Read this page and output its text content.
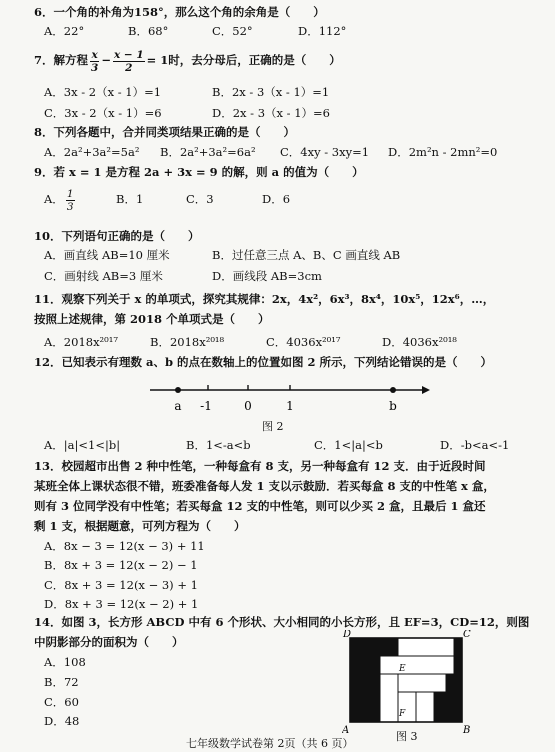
6．一个角的补角为158°，那么这个角的余角是（　　）
A．22°	B．68°	C．52°	D．112°
7．解方程 $\frac{x}{3} - \frac{x - 1}{2} = 1$时，去分母后，正确的是（　　）
A．3x - 2（x - 1）=1	B．2x - 3（x - 1）=1
C．3x - 2（x - 1）=6	D．2x - 3（x - 1）=6
8．下列各题中，合并同类项结果正确的是（　　）
A．2a²+3a²=5a² B．2a²+3a²=6a² C．4xy - 3xy=1 D．2m²n - 2mn²=0
9．若 x = 1 是方程 2a + 3x = 9 的解，则 a 的值为（　　）
A． $\frac{1}{3}$	B．1	C．3	D．6
10．下列语句正确的是（　　）
A．画直线 AB=10 厘米	B．过任意三点 A、B、C 画直线 AB
C．画射线 AB=3 厘米	D．画线段 AB=3cm
11．观察下列关于 x 的单项式，探究其规律：2x，4x²，6x³，8x⁴，10x⁵，12x⁶，…，
按照上述规律，第 2018 个单项式是（　　）
A．2018x²⁰¹⁷	B．2018x²⁰¹⁸	C．4036x²⁰¹⁷	D．4036x²⁰¹⁸
12．已知表示有理数 a、b 的点在数轴上的位置如图 2 所示，下列结论错误的是（　　）
a -1	0	1	b
图 2
A．|a|<1<|b|	B．1<-a<b	C．1<|a|<b	D．-b<a<-1
13．校园超市出售 2 种中性笔，一种每盒有 8 支，另一种每盒有 12 支．由于近段时间
某班全体上课状态很不错，班委准备每人发 1 支以示鼓励．若买每盒 8 支的中性笔 x 盒，
则有 3 位同学没有中性笔；若买每盒 12 支的中性笔，则可以少买 2 盒，且最后 1 盒还
剩 1 支，根据题意，可列方程为（　　）
A．8x − 3 = 12(x − 3) + 11
B．8x + 3 = 12(x − 2) − 1
C．8x + 3 = 12(x − 3) + 1
D．8x + 3 = 12(x − 2) + 1
14．如图 3，长方形 ABCD 中有 6 个形状、大小相同的小长方形，且 EF=3，CD=12，则图
中阴影部分的面积为（　　）
A．108
B．72
C．60
D．48
D	C
E
F
A	B
图 3
七年级数学试卷第 2页（共 6 页）
